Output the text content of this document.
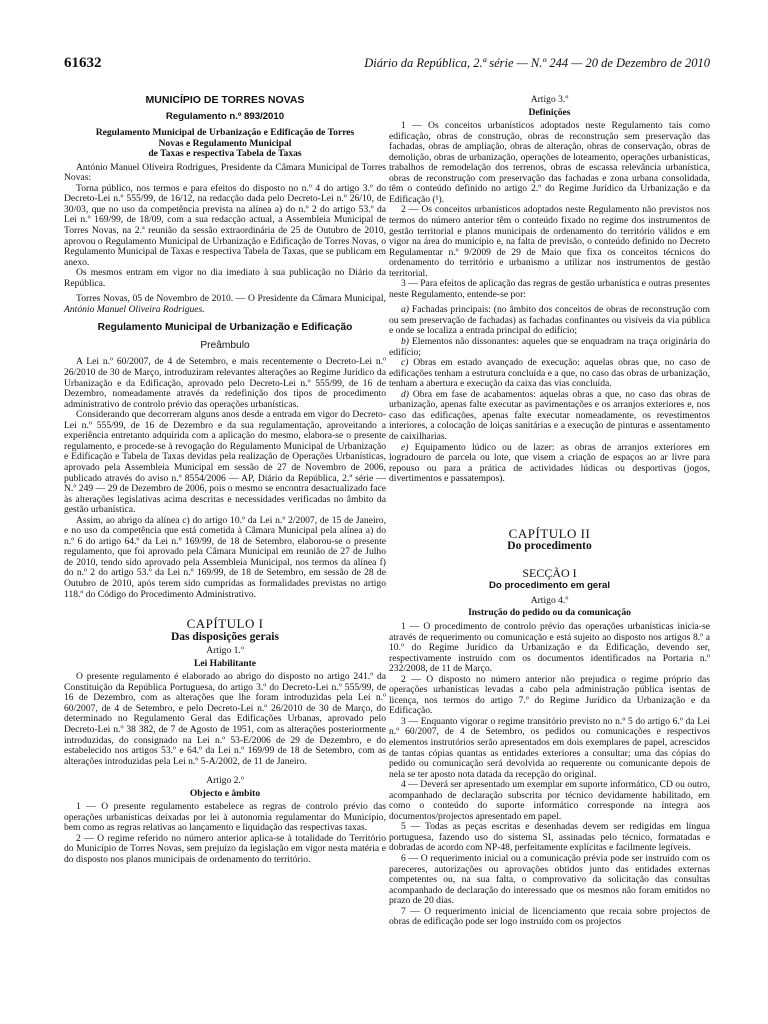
61632	Diário da República, 2.ª série — N.º 244 — 20 de Dezembro de 2010

MUNICÍPIO DE TORRES NOVAS

Regulamento n.º 893/2010

Regulamento Municipal de Urbanização e Edificação de Torres
Novas e Regulamento Municipal
de Taxas e respectiva Tabela de Taxas

António Manuel Oliveira Rodrigues, Presidente da Câmara Municipal de Torres Novas:

Torna público, nos termos e para efeitos do disposto no n.º 4 do artigo 3.º do Decreto-Lei n.º 555/99, de 16/12, na redacção dada pelo Decreto-Lei n.º 26/10, de 30/03, que no uso da competência prevista na alínea a) do n.º 2 do artigo 53.º da Lei n.º 169/99, de 18/09, com a sua redacção actual, a Assembleia Municipal de Torres Novas, na 2.ª reunião da sessão extraordinária de 25 de Outubro de 2010, aprovou o Regulamento Municipal de Urbanização e Edificação de Torres Novas, o Regulamento Municipal de Taxas e respectiva Tabela de Taxas, que se publicam em anexo.

Os mesmos entram em vigor no dia imediato à sua publicação no Diário da República.

Torres Novas, 05 de Novembro de 2010. — O Presidente da Câmara Municipal, António Manuel Oliveira Rodrigues.

Regulamento Municipal de Urbanização e Edificação

Preâmbulo

A Lei n.º 60/2007, de 4 de Setembro, e mais recentemente o Decreto-Lei n.º 26/2010 de 30 de Março, introduziram relevantes alterações ao Regime Jurídico da Urbanização e da Edificação, aprovado pelo Decreto-Lei n.º 555/99, de 16 de Dezembro, nomeadamente através da redefinição dos tipos de procedimento administrativo de controlo prévio das operações urbanísticas.

Considerando que decorreram alguns anos desde a entrada em vigor do Decreto-Lei n.º 555/99, de 16 de Dezembro e da sua regulamentação, aproveitando a experiência entretanto adquirida com a aplicação do mesmo, elabora-se o presente regulamento, e procede-se à revogação do Regulamento Municipal de Urbanização e Edificação e Tabela de Taxas devidas pela realização de Operações Urbanísticas, aprovado pela Assembleia Municipal em sessão de 27 de Novembro de 2006, publicado através do aviso n.º 8554/2006 — AP, Diário da República, 2.ª série — N.º 249 — 29 de Dezembro de 2006, pois o mesmo se encontra desactualizado face às alterações legislativas acima descritas e necessidades verificadas no âmbito da gestão urbanística.

Assim, ao abrigo da alínea c) do artigo 10.º da Lei n.º 2/2007, de 15 de Janeiro, e no uso da competência que está cometida à Câmara Municipal pela alínea a) do n.º 6 do artigo 64.º da Lei n.º 169/99, de 18 de Setembro, elaborou-se o presente regulamento, que foi aprovado pela Câmara Municipal em reunião de 27 de Julho de 2010, tendo sido aprovado pela Assembleia Municipal, nos termos da alínea f) do n.º 2 do artigo 53.º da Lei n.º 169/99, de 18 de Setembro, em sessão de 28 de Outubro de 2010, após terem sido cumpridas as formalidades previstas no artigo 118.º do Código do Procedimento Administrativo.

CAPÍTULO I

Das disposições gerais

Artigo 1.º

Lei Habilitante

O presente regulamento é elaborado ao abrigo do disposto no artigo 241.º da Constituição da República Portuguesa, do artigo 3.º do Decreto-Lei n.º 555/99, de 16 de Dezembro, com as alterações que lhe foram introduzidas pela Lei n.º 60/2007, de 4 de Setembro, e pelo Decreto-Lei n.º 26/2010 de 30 de Março, do determinado no Regulamento Geral das Edificações Urbanas, aprovado pelo Decreto-Lei n.º 38 382, de 7 de Agosto de 1951, com as alterações posteriormente introduzidas, do consignado na Lei n.º 53-E/2006 de 29 de Dezembro, e do estabelecido nos artigos 53.º e 64.º da Lei n.º 169/99 de 18 de Setembro, com as alterações introduzidas pela Lei n.º 5-A/2002, de 11 de Janeiro.

Artigo 2.º

Objecto e âmbito

1 — O presente regulamento estabelece as regras de controlo prévio das operações urbanísticas deixadas por lei à autonomia regulamentar do Município, bem como as regras relativas ao lançamento e liquidação das respectivas taxas.

2 — O regime referido no número anterior aplica-se à totalidade do Território do Município de Torres Novas, sem prejuízo da legislação em vigor nesta matéria e do disposto nos planos municipais de ordenamento do território.

Artigo 3.º

Definições

1 — Os conceitos urbanísticos adoptados neste Regulamento tais como edificação, obras de construção, obras de reconstrução sem preservação das fachadas, obras de ampliação, obras de alteração, obras de conservação, obras de demolição, obras de urbanização, operações de loteamento, operações urbanísticas, trabalhos de remodelação dos terrenos, obras de escassa relevância urbanística, obras de reconstrução com preservação das fachadas e zona urbana consolidada, têm o conteúdo definido no artigo 2.º do Regime Jurídico da Urbanização e da Edificação (¹).

2 — Os conceitos urbanísticos adoptados neste Regulamento não previstos nos termos do número anterior têm o conteúdo fixado no regime dos instrumentos de gestão territorial e planos municipais de ordenamento do território válidos e em vigor na área do município e, na falta de previsão, o conteúdo definido no Decreto Regulamentar n.º 9/2009 de 29 de Maio que fixa os conceitos técnicos do ordenamento do território e urbanismo a utilizar nos instrumentos de gestão territorial.

3 — Para efeitos de aplicação das regras de gestão urbanística e outras presentes neste Regulamento, entende-se por:

a) Fachadas principais: (no âmbito dos conceitos de obras de reconstrução com ou sem preservação de fachadas) as fachadas confinantes ou visíveis da via pública e onde se localiza a entrada principal do edifício;

b) Elementos não dissonantes: aqueles que se enquadram na traça originária do edifício;

c) Obras em estado avançado de execução: aquelas obras que, no caso de edificações tenham a estrutura concluída e a que, no caso das obras de urbanização, tenham a abertura e execução da caixa das vias concluída.

d) Obra em fase de acabamentos: aquelas obras a que, no caso das obras de urbanização, apenas falte executar as pavimentações e os arranjos exteriores e, nos caso das edificações, apenas falte executar nomeadamente, os revestimentos interiores, a colocação de loiças sanitárias e a execução de pinturas e assentamento de caixilharias.

e) Equipamento lúdico ou de lazer: as obras de arranjos exteriores em logradouro de parcela ou lote, que visem a criação de espaços ao ar livre para repouso ou para a prática de actividades lúdicas ou desportivas (jogos, divertimentos e passatempos).

CAPÍTULO II

Do procedimento

SECÇÃO I

Do procedimento em geral

Artigo 4.º

Instrução do pedido ou da comunicação

1 — O procedimento de controlo prévio das operações urbanísticas inicia-se através de requerimento ou comunicação e está sujeito ao disposto nos artigos 8.º a 10.º do Regime Jurídico da Urbanização e da Edificação, devendo ser, respectivamente instruído com os documentos identificados na Portaria n.º 232/2008, de 11 de Março.

2 — O disposto no número anterior não prejudica o regime próprio das operações urbanísticas levadas a cabo pela administração pública isentas de licença, nos termos do artigo 7.º do Regime Jurídico da Urbanização e da Edificação.

3 — Enquanto vigorar o regime transitório previsto no n.º 5 do artigo 6.º da Lei n.º 60/2007, de 4 de Setembro, os pedidos ou comunicações e respectivos elementos instrutórios serão apresentados em dois exemplares de papel, acrescidos de tantas cópias quantas as entidades exteriores a consultar; uma das cópias do pedido ou comunicação será devolvida ao requerente ou comunicante depois de nela se ter aposto nota datada da recepção do original.

4 — Deverá ser apresentado um exemplar em suporte informático, CD ou outro, acompanhado de declaração subscrita por técnico devidamente habilitado, em como o conteúdo do suporte informático corresponde na íntegra aos documentos/projectos apresentado em papel.

5 — Todas as peças escritas e desenhadas devem ser redigidas em língua portuguesa, fazendo uso do sistema SI, assinadas pelo técnico, formatadas e dobradas de acordo com NP-48, perfeitamente explícitas e facilmente legíveis.

6 — O requerimento inicial ou a comunicação prévia pode ser instruído com os pareceres, autorizações ou aprovações obtidos junto das entidades externas competentes ou, na sua falta, o comprovativo da solicitação das consultas acompanhado de declaração do interessado que os mesmos não foram emitidos no prazo de 20 dias.

7 — O requerimento inicial de licenciamento que recaia sobre projectos de obras de edificação pode ser logo instruído com os projectos
